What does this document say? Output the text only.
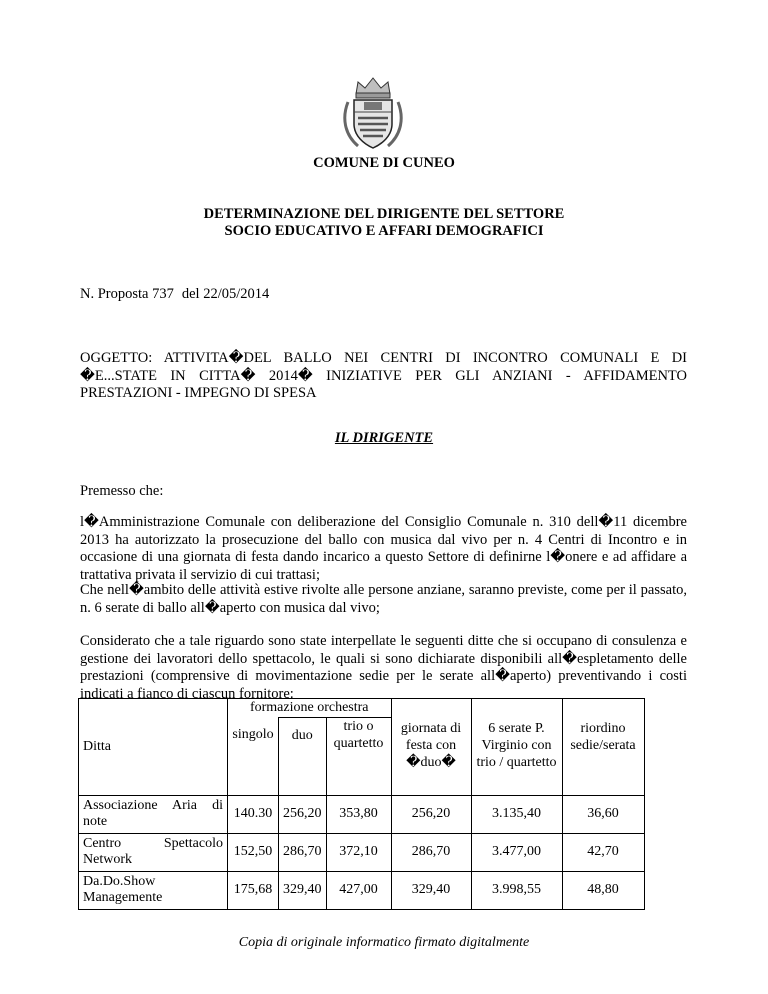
COMUNE DI CUNEO
DETERMINAZIONE DEL DIRIGENTE DEL SETTORE
SOCIO EDUCATIVO E AFFARI DEMOGRAFICI
N. Proposta 737 del 22/05/2014
OGGETTO: ATTIVITA�DEL BALLO NEI CENTRI DI INCONTRO COMUNALI E DI �E...STATE IN CITTA� 2014� INIZIATIVE PER GLI ANZIANI - AFFIDAMENTO PRESTAZIONI - IMPEGNO DI SPESA
IL DIRIGENTE
Premesso che:
l�Amministrazione Comunale con deliberazione del Consiglio Comunale n. 310 dell�11 dicembre 2013 ha autorizzato la prosecuzione del ballo con musica dal vivo per n. 4 Centri di Incontro e in occasione di una giornata di festa dando incarico a questo Settore di definirne l�onere e ad affidare a trattativa privata il servizio di cui trattasi;
Che nell�ambito delle attività estive rivolte alle persone anziane, saranno previste, come per il passato, n. 6 serate di ballo all�aperto con musica dal vivo;
Considerato che a tale riguardo sono state interpellate le seguenti ditte che si occupano di consulenza e gestione dei lavoratori dello spettacolo, le quali si sono dichiarate disponibili all�espletamento delle prestazioni (comprensive di movimentazione sedie per le serate all�aperto) preventivando i costi indicati a fianco di ciascun fornitore:
Ditta	formazione orchestra			giornata di festa con �duo�	6 serate P. Virginio con trio / quartetto	riordino sedie/serata
	singolo	duo	trio o quartetto			
Associazione Aria di note	140.30	256,20	353,80	256,20	3.135,40	36,60
Centro Spettacolo Network	152,50	286,70	372,10	286,70	3.477,00	42,70
Da.Do.Show Managemente	175,68	329,40	427,00	329,40	3.998,55	48,80
Copia di originale informatico firmato digitalmente
